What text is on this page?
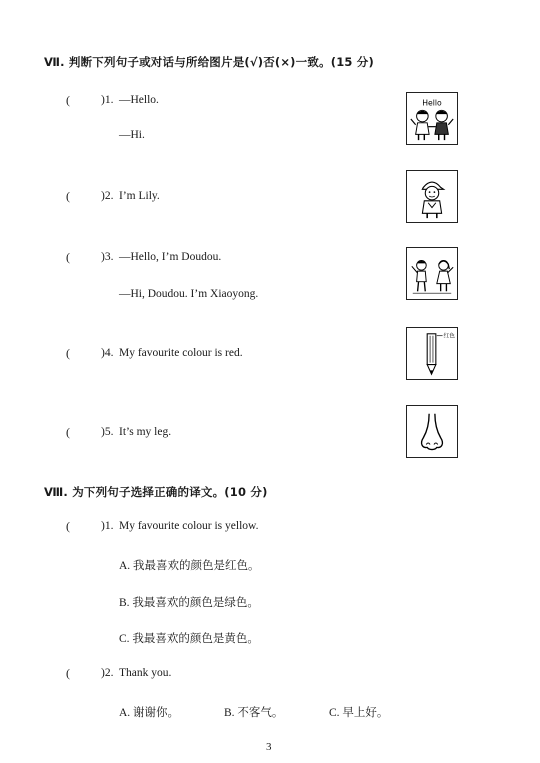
Ⅶ. 判断下列句子或对话与所给图片是(√)否(×)一致。(15 分)
(	)1. —Hello.
—Hi.
Hello
(	)2. I’m Lily.
(	)3. —Hello, I’m Doudou.
—Hi, Doudou. I’m Xiaoyong.
(	)4. My favourite colour is red.
红色
(	)5. It’s my leg.
Ⅷ. 为下列句子选择正确的译文。(10 分)
(	)1. My favourite colour is yellow.
A. 我最喜欢的颜色是红色。
B. 我最喜欢的颜色是绿色。
C. 我最喜欢的颜色是黄色。
(	)2. Thank you.
A. 谢谢你。	B. 不客气。	C. 早上好。
3
